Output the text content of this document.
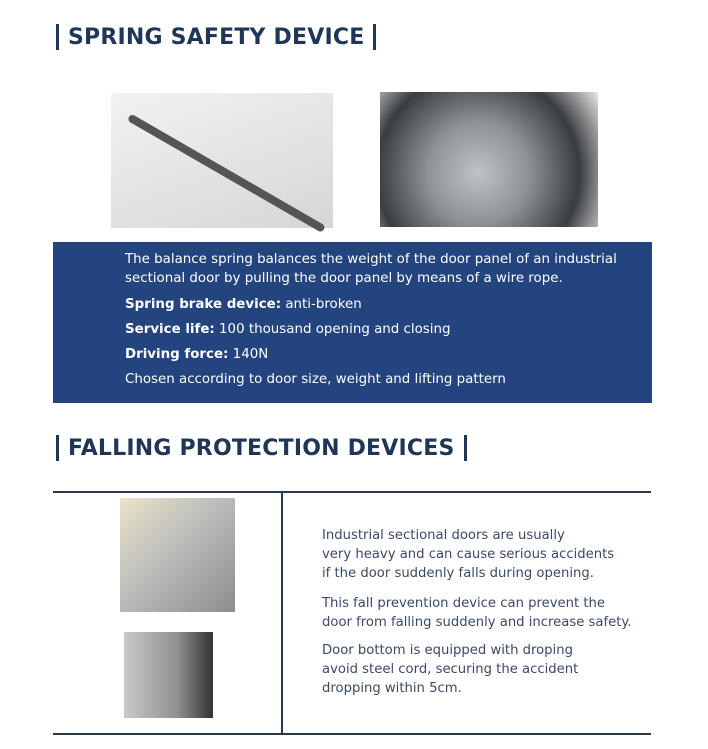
SPRING SAFETY DEVICE

The balance spring balances the weight of the door panel of an industrial

sectional door by pulling the door panel by means of a wire rope.

Spring brake device: anti-broken

Service life: 100 thousand opening and closing

Driving force: 140N

Chosen according to door size, weight and lifting pattern

FALLING PROTECTION DEVICES
Industrial sectional doors are usually
very heavy and can cause serious accidents
if the door suddenly falls during opening.
This fall prevention device can prevent the
door from falling suddenly and increase safety.
Door bottom is equipped with droping
avoid steel cord, securing the accident
dropping within 5cm.
